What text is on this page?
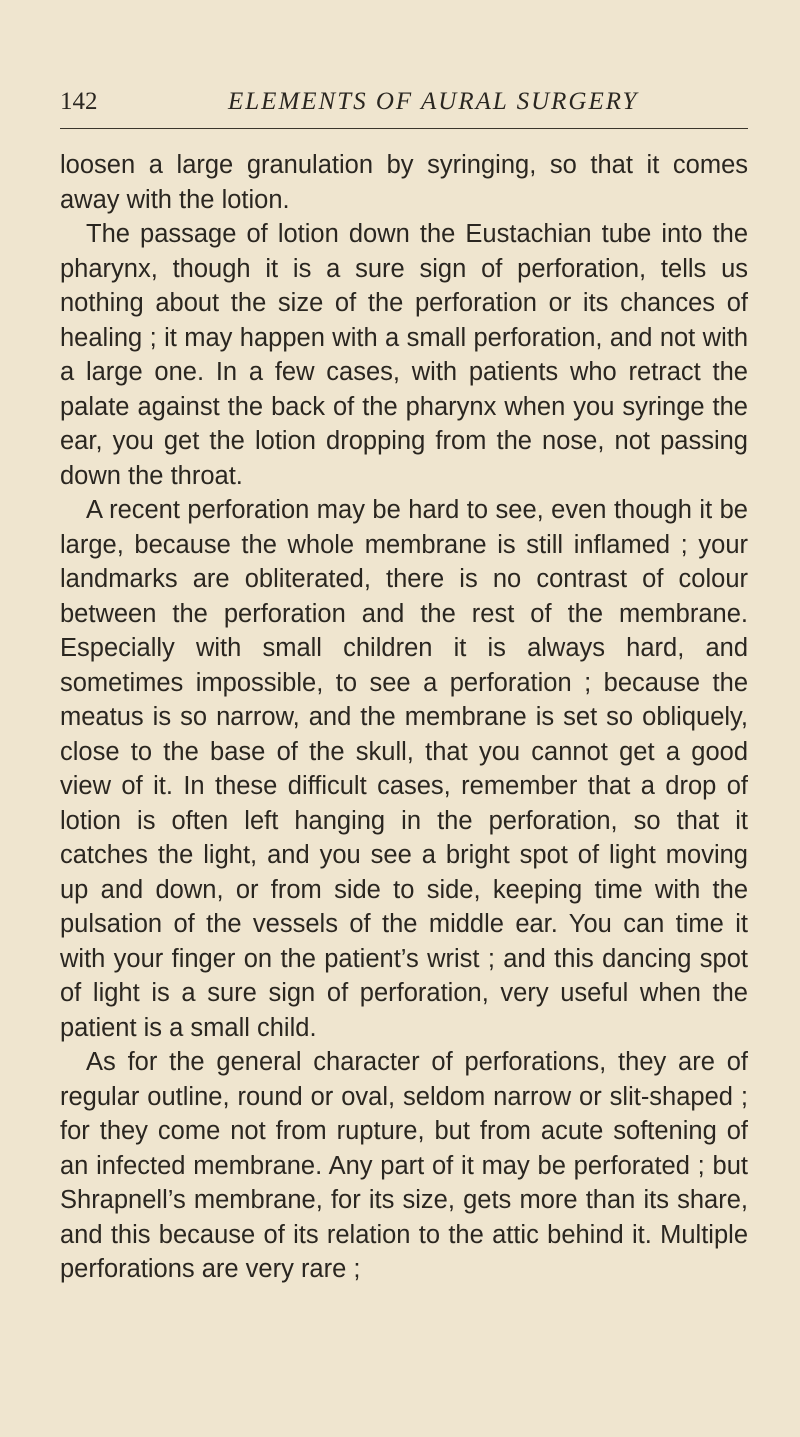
142	ELEMENTS OF AURAL SURGERY

loosen a large granulation by syringing, so that it comes away with the lotion.

The passage of lotion down the Eustachian tube into the pharynx, though it is a sure sign of perforation, tells us nothing about the size of the perforation or its chances of healing ; it may happen with a small perforation, and not with a large one. In a few cases, with patients who retract the palate against the back of the pharynx when you syringe the ear, you get the lotion dropping from the nose, not passing down the throat.

A recent perforation may be hard to see, even though it be large, because the whole membrane is still inflamed ; your landmarks are obliterated, there is no contrast of colour between the perforation and the rest of the membrane. Especially with small children it is always hard, and sometimes impossible, to see a perforation ; because the meatus is so narrow, and the membrane is set so obliquely, close to the base of the skull, that you cannot get a good view of it. In these difficult cases, remember that a drop of lotion is often left hanging in the perforation, so that it catches the light, and you see a bright spot of light moving up and down, or from side to side, keeping time with the pulsation of the vessels of the middle ear. You can time it with your finger on the patient’s wrist ; and this dancing spot of light is a sure sign of perforation, very useful when the patient is a small child.

As for the general character of perforations, they are of regular outline, round or oval, seldom narrow or slit-shaped ; for they come not from rupture, but from acute softening of an infected membrane. Any part of it may be perforated ; but Shrapnell’s membrane, for its size, gets more than its share, and this because of its relation to the attic behind it. Multiple perforations are very rare ;
